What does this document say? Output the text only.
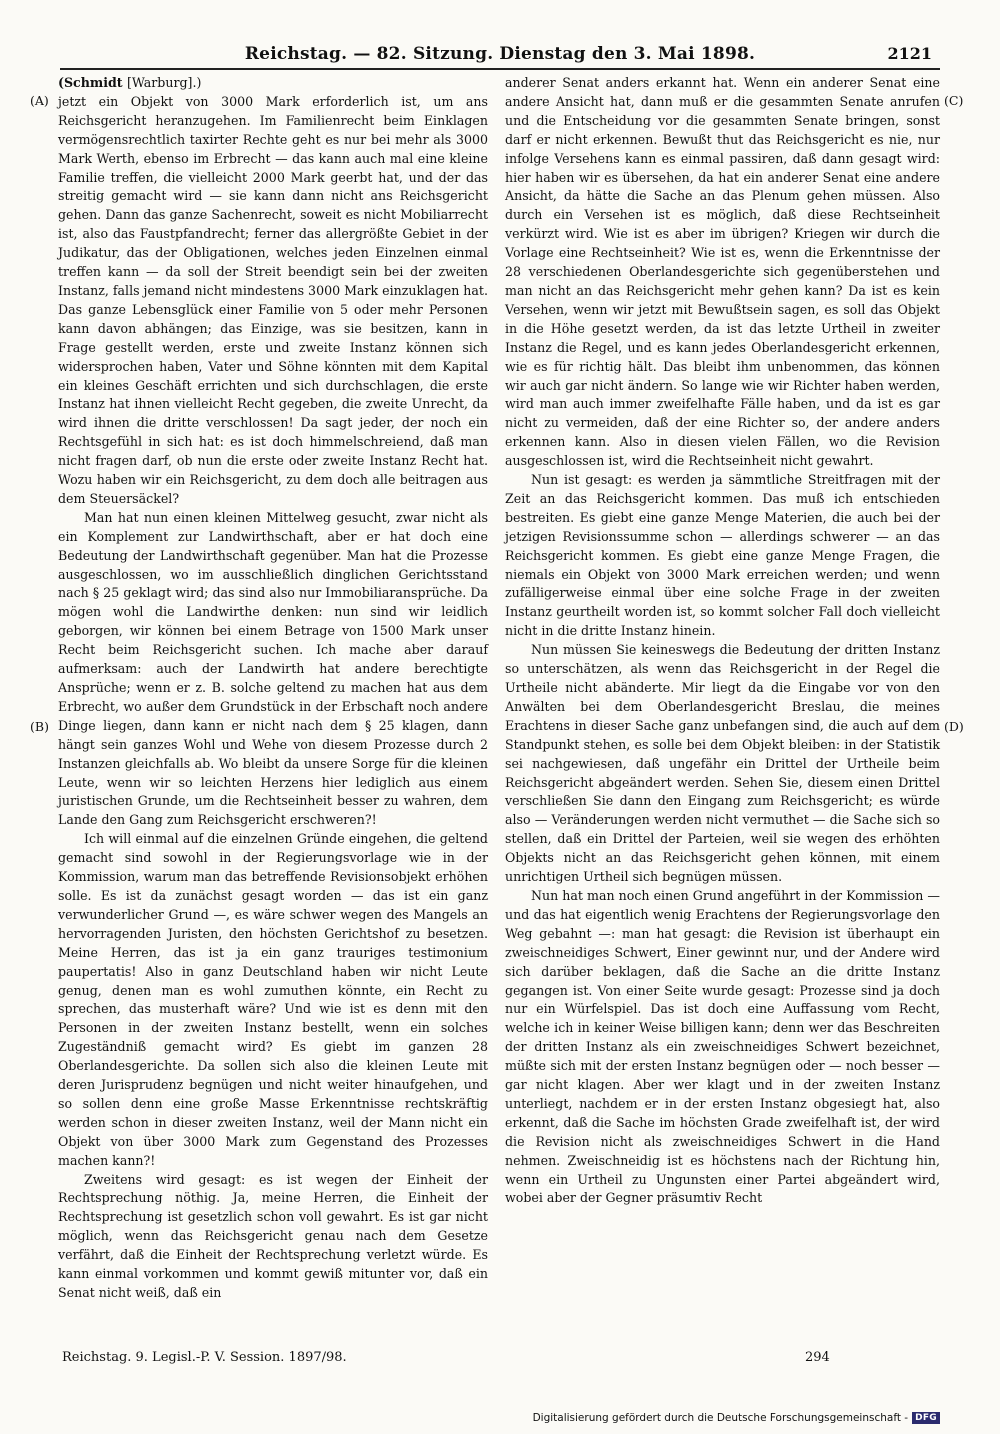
Reichstag. — 82. Sitzung. Dienstag den 3. Mai 1898.	2121
(Schmidt [Warburg].)

jetzt ein Objekt von 3000 Mark erforderlich ist, um ans Reichsgericht heranzugehen. Im Familienrecht beim Einklagen vermögensrechtlich taxirter Rechte geht es nur bei mehr als 3000 Mark Werth, ebenso im Erbrecht — das kann auch mal eine kleine Familie treffen, die vielleicht 2000 Mark geerbt hat, und der das streitig gemacht wird — sie kann dann nicht ans Reichsgericht gehen. Dann das ganze Sachenrecht, soweit es nicht Mobiliarrecht ist, also das Faustpfandrecht; ferner das allergrößte Gebiet in der Judikatur, das der Obligationen, welches jeden Einzelnen einmal treffen kann — da soll der Streit beendigt sein bei der zweiten Instanz, falls jemand nicht mindestens 3000 Mark einzuklagen hat. Das ganze Lebensglück einer Familie von 5 oder mehr Personen kann davon abhängen; das Einzige, was sie besitzen, kann in Frage gestellt werden, erste und zweite Instanz können sich widersprochen haben, Vater und Söhne könnten mit dem Kapital ein kleines Geschäft errichten und sich durchschlagen, die erste Instanz hat ihnen vielleicht Recht gegeben, die zweite Unrecht, da wird ihnen die dritte verschlossen! Da sagt jeder, der noch ein Rechtsgefühl in sich hat: es ist doch himmelschreiend, daß man nicht fragen darf, ob nun die erste oder zweite Instanz Recht hat. Wozu haben wir ein Reichsgericht, zu dem doch alle beitragen aus dem Steuersäckel?

Man hat nun einen kleinen Mittelweg gesucht, zwar nicht als ein Komplement zur Landwirthschaft, aber er hat doch eine Bedeutung der Landwirthschaft gegenüber. Man hat die Prozesse ausgeschlossen, wo im ausschließlich dinglichen Gerichtsstand nach § 25 geklagt wird; das sind also nur Immobiliaransprüche. Da mögen wohl die Landwirthe denken: nun sind wir leidlich geborgen, wir können bei einem Betrage von 1500 Mark unser Recht beim Reichsgericht suchen. Ich mache aber darauf aufmerksam: auch der Landwirth hat andere berechtigte Ansprüche; wenn er z. B. solche geltend zu machen hat aus dem Erbrecht, wo außer dem Grundstück in der Erbschaft noch andere Dinge liegen, dann kann er nicht nach dem § 25 klagen, dann hängt sein ganzes Wohl und Wehe von diesem Prozesse durch 2 Instanzen gleichfalls ab. Wo bleibt da unsere Sorge für die kleinen Leute, wenn wir so leichten Herzens hier lediglich aus einem juristischen Grunde, um die Rechtseinheit besser zu wahren, dem Lande den Gang zum Reichsgericht erschweren?!

Ich will einmal auf die einzelnen Gründe eingehen, die geltend gemacht sind sowohl in der Regierungsvorlage wie in der Kommission, warum man das betreffende Revisionsobjekt erhöhen solle. Es ist da zunächst gesagt worden — das ist ein ganz verwunderlicher Grund —, es wäre schwer wegen des Mangels an hervorragenden Juristen, den höchsten Gerichtshof zu besetzen. Meine Herren, das ist ja ein ganz trauriges testimonium paupertatis! Also in ganz Deutschland haben wir nicht Leute genug, denen man es wohl zumuthen könnte, ein Recht zu sprechen, das musterhaft wäre? Und wie ist es denn mit den Personen in der zweiten Instanz bestellt, wenn ein solches Zugeständniß gemacht wird? Es giebt im ganzen 28 Oberlandesgerichte. Da sollen sich also die kleinen Leute mit deren Jurisprudenz begnügen und nicht weiter hinaufgehen, und so sollen denn eine große Masse Erkenntnisse rechtskräftig werden schon in dieser zweiten Instanz, weil der Mann nicht ein Objekt von über 3000 Mark zum Gegenstand des Prozesses machen kann?!

Zweitens wird gesagt: es ist wegen der Einheit der Rechtsprechung nöthig. Ja, meine Herren, die Einheit der Rechtsprechung ist gesetzlich schon voll gewahrt. Es ist gar nicht möglich, wenn das Reichsgericht genau nach dem Gesetze verfährt, daß die Einheit der Rechtsprechung verletzt würde. Es kann einmal vorkommen und kommt gewiß mitunter vor, daß ein Senat nicht weiß, daß ein

anderer Senat anders erkannt hat. Wenn ein anderer Senat eine andere Ansicht hat, dann muß er die gesammten Senate anrufen und die Entscheidung vor die gesammten Senate bringen, sonst darf er nicht erkennen. Bewußt thut das Reichsgericht es nie, nur infolge Versehens kann es einmal passiren, daß dann gesagt wird: hier haben wir es übersehen, da hat ein anderer Senat eine andere Ansicht, da hätte die Sache an das Plenum gehen müssen. Also durch ein Versehen ist es möglich, daß diese Rechtseinheit verkürzt wird. Wie ist es aber im übrigen? Kriegen wir durch die Vorlage eine Rechtseinheit? Wie ist es, wenn die Erkenntnisse der 28 verschiedenen Oberlandesgerichte sich gegenüberstehen und man nicht an das Reichsgericht mehr gehen kann? Da ist es kein Versehen, wenn wir jetzt mit Bewußtsein sagen, es soll das Objekt in die Höhe gesetzt werden, da ist das letzte Urtheil in zweiter Instanz die Regel, und es kann jedes Oberlandesgericht erkennen, wie es für richtig hält. Das bleibt ihm unbenommen, das können wir auch gar nicht ändern. So lange wie wir Richter haben werden, wird man auch immer zweifelhafte Fälle haben, und da ist es gar nicht zu vermeiden, daß der eine Richter so, der andere anders erkennen kann. Also in diesen vielen Fällen, wo die Revision ausgeschlossen ist, wird die Rechtseinheit nicht gewahrt.

Nun ist gesagt: es werden ja sämmtliche Streitfragen mit der Zeit an das Reichsgericht kommen. Das muß ich entschieden bestreiten. Es giebt eine ganze Menge Materien, die auch bei der jetzigen Revisionssumme schon — allerdings schwerer — an das Reichsgericht kommen. Es giebt eine ganze Menge Fragen, die niemals ein Objekt von 3000 Mark erreichen werden; und wenn zufälligerweise einmal über eine solche Frage in der zweiten Instanz geurtheilt worden ist, so kommt solcher Fall doch vielleicht nicht in die dritte Instanz hinein.

Nun müssen Sie keineswegs die Bedeutung der dritten Instanz so unterschätzen, als wenn das Reichsgericht in der Regel die Urtheile nicht abänderte. Mir liegt da die Eingabe vor von den Anwälten bei dem Oberlandesgericht Breslau, die meines Erachtens in dieser Sache ganz unbefangen sind, die auch auf dem Standpunkt stehen, es solle bei dem Objekt bleiben: in der Statistik sei nachgewiesen, daß ungefähr ein Drittel der Urtheile beim Reichsgericht abgeändert werden. Sehen Sie, diesem einen Drittel verschließen Sie dann den Eingang zum Reichsgericht; es würde also — Veränderungen werden nicht vermuthet — die Sache sich so stellen, daß ein Drittel der Parteien, weil sie wegen des erhöhten Objekts nicht an das Reichsgericht gehen können, mit einem unrichtigen Urtheil sich begnügen müssen.

Nun hat man noch einen Grund angeführt in der Kommission — und das hat eigentlich wenig Erachtens der Regierungsvorlage den Weg gebahnt —: man hat gesagt: die Revision ist überhaupt ein zweischneidiges Schwert, Einer gewinnt nur, und der Andere wird sich darüber beklagen, daß die Sache an die dritte Instanz gegangen ist. Von einer Seite wurde gesagt: Prozesse sind ja doch nur ein Würfelspiel. Das ist doch eine Auffassung vom Recht, welche ich in keiner Weise billigen kann; denn wer das Beschreiten der dritten Instanz als ein zweischneidiges Schwert bezeichnet, müßte sich mit der ersten Instanz begnügen oder — noch besser — gar nicht klagen. Aber wer klagt und in der zweiten Instanz unterliegt, nachdem er in der ersten Instanz obgesiegt hat, also erkennt, daß die Sache im höchsten Grade zweifelhaft ist, der wird die Revision nicht als zweischneidiges Schwert in die Hand nehmen. Zweischneidig ist es höchstens nach der Richtung hin, wenn ein Urtheil zu Ungunsten einer Partei abgeändert wird, wobei aber der Gegner präsumtiv Recht

(A)
(B)
(C)
(D)
Reichstag. 9. Legisl.-P. V. Session. 1897/98.	294
Digitalisierung gefördert durch die Deutsche Forschungsgemeinschaft - DFG
